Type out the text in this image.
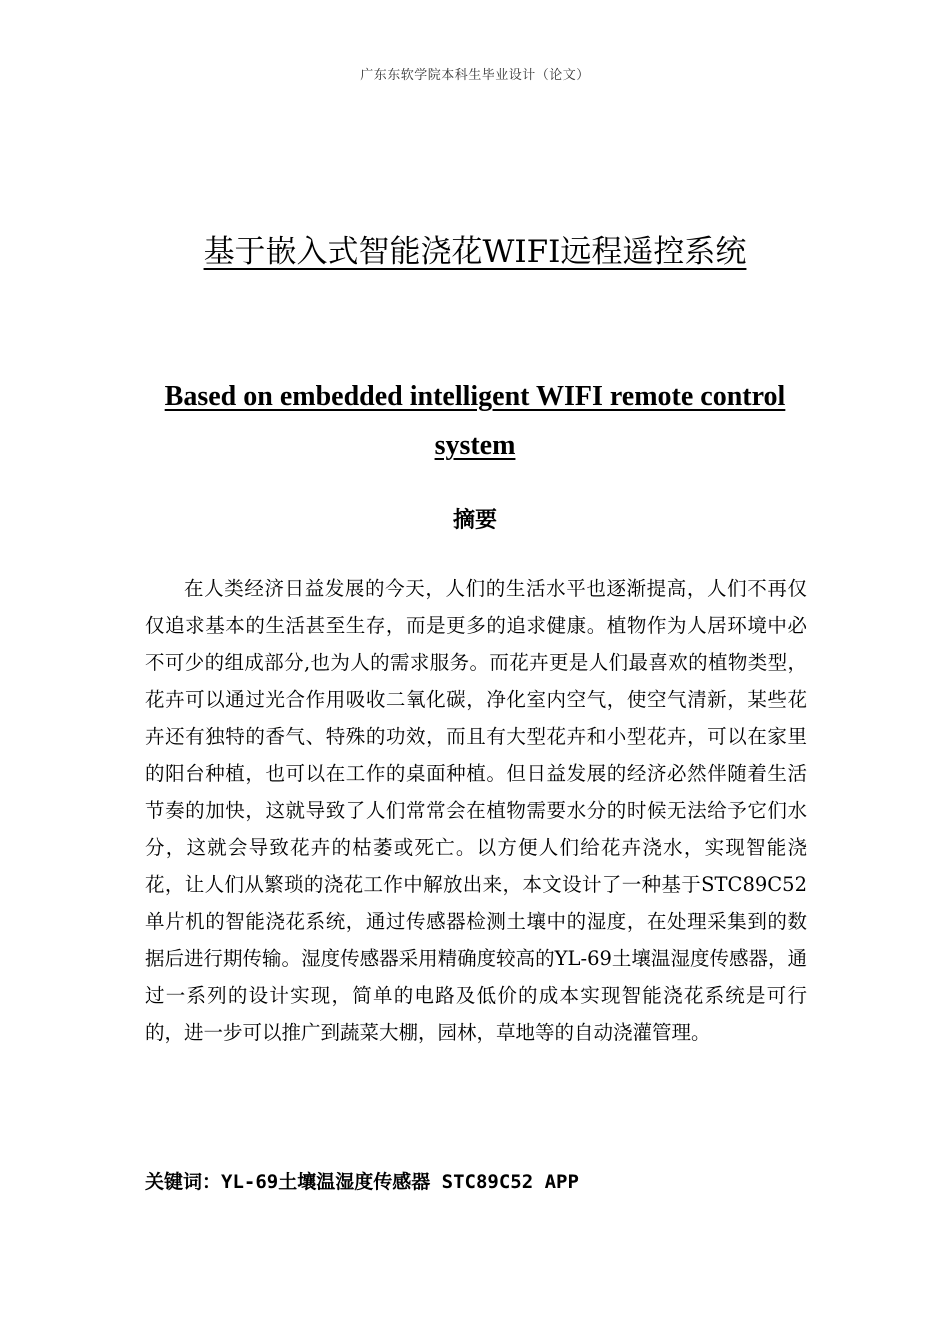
广东东软学院本科生毕业设计（论文）
基于嵌入式智能浇花WIFI远程遥控系统
Based on embedded intelligent WIFI remote control system
摘要

在人类经济日益发展的今天，人们的生活水平也逐渐提高，人们不再仅仅追求基本的生活甚至生存，而是更多的追求健康。植物作为人居环境中必不可少的组成部分,也为人的需求服务。而花卉更是人们最喜欢的植物类型，花卉可以通过光合作用吸收二氧化碳，净化室内空气，使空气清新，某些花卉还有独特的香气、特殊的功效，而且有大型花卉和小型花卉，可以在家里的阳台种植，也可以在工作的桌面种植。但日益发展的经济必然伴随着生活节奏的加快，这就导致了人们常常会在植物需要水分的时候无法给予它们水分，这就会导致花卉的枯萎或死亡。以方便人们给花卉浇水，实现智能浇花，让人们从繁琐的浇花工作中解放出来，本文设计了一种基于STC89C52单片机的智能浇花系统，通过传感器检测土壤中的湿度，在处理采集到的数据后进行期传输。湿度传感器采用精确度较高的YL-69土壤温湿度传感器，通过一系列的设计实现，简单的电路及低价的成本实现智能浇花系统是可行的，进一步可以推广到蔬菜大棚，园林，草地等的自动浇灌管理。

关键词：YL-69土壤温湿度传感器 STC89C52 APP
